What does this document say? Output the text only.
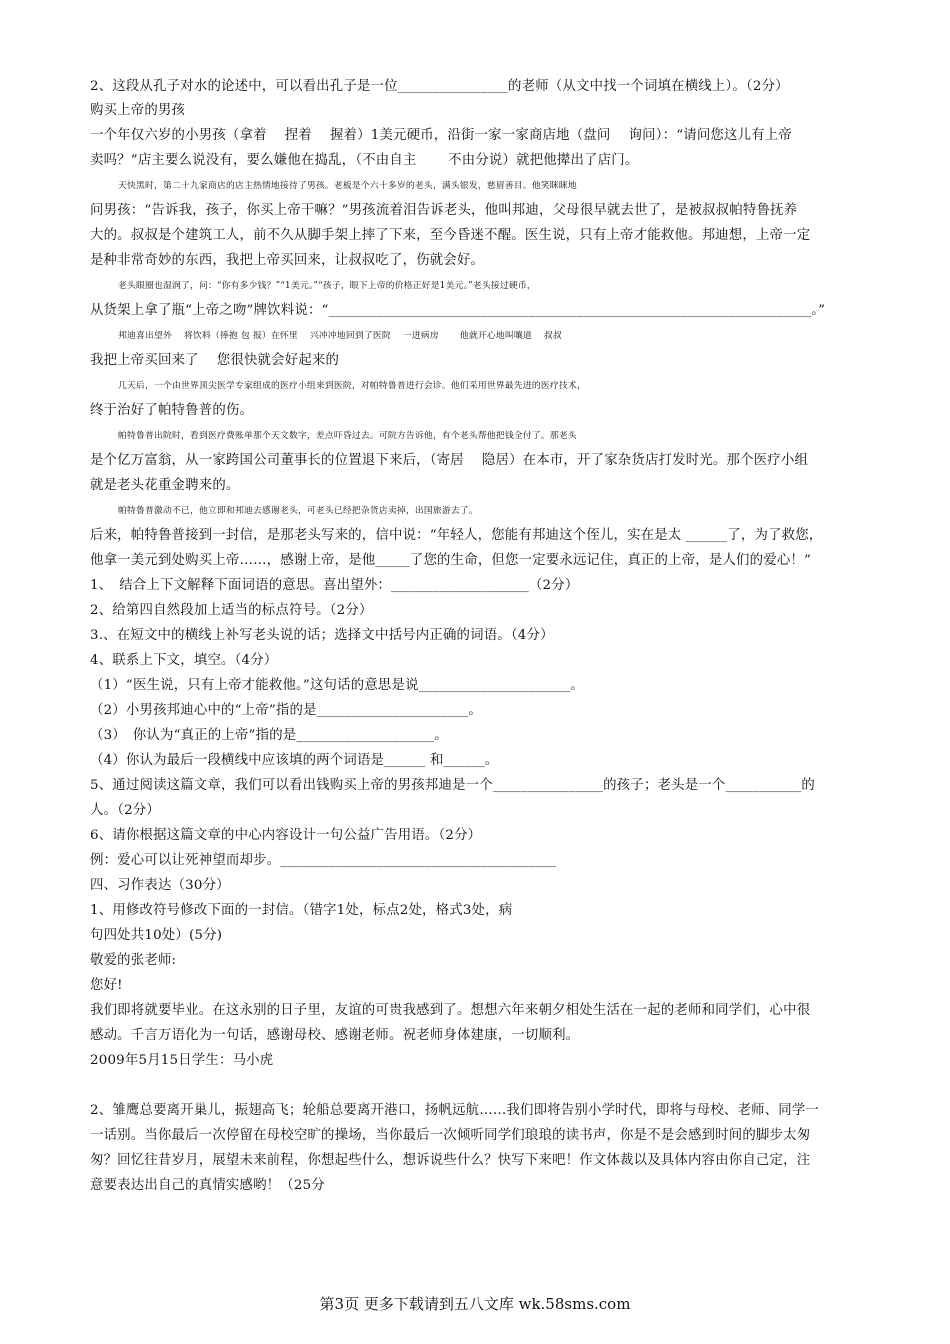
2、这段从孔子对水的论述中，可以看出孔子是一位________________的老师（从文中找一个词填在横线上）。（2分）
购买上帝的男孩
一个年仅六岁的小男孩（拿着　 捏着　 握着）1美元硬币，沿街一家一家商店地（盘问　 询问）：“请问您这儿有上帝
卖吗？”店主要么说没有，要么嫌他在捣乱，（不由自主　　 不由分说）就把他撵出了店门。
天快黑时，第二十九家商店的店主热情地接待了男孩。老板是个六十多岁的老头，满头银发，慈眉善目。他笑眯眯地
问男孩：“告诉我，孩子，你买上帝干嘛？”男孩流着泪告诉老头，他叫邦迪，父母很早就去世了，是被叔叔帕特鲁抚养
大的。叔叔是个建筑工人，前不久从脚手架上摔了下来，至今昏迷不醒。医生说，只有上帝才能救他。邦迪想，上帝一定
是种非常奇妙的东西，我把上帝买回来，让叔叔吃了，伤就会好。
老头眼圈也湿润了，问：“你有多少钱？”“1美元。”“孩子，眼下上帝的价格正好是1美元。”老头接过硬币，
从货架上拿了瓶“上帝之吻”牌饮料说：“______________________________________________________________________。”
邦迪喜出望外　 将饮料（捧抱 包 报）在怀里　 兴冲冲地回到了医院　 一进病房　　 他就开心地叫嚷道　 叔叔
我把上帝买回来了　 您很快就会好起来的
几天后，一个由世界顶尖医学专家组成的医疗小组来到医院，对帕特鲁普进行会诊。他们采用世界最先进的医疗技术，
终于治好了帕特鲁普的伤。
帕特鲁普出院时，看到医疗费账单那个天文数字，差点吓昏过去。可院方告诉他，有个老头帮他把钱全付了。那老头
是个亿万富翁，从一家跨国公司董事长的位置退下来后，（寄居　 隐居）在本市，开了家杂货店打发时光。那个医疗小组
就是老头花重金聘来的。
帕特鲁普激动不已，他立即和邦迪去感谢老头，可老头已经把杂货店卖掉，出国旅游去了。
后来，帕特鲁普接到一封信，是那老头写来的，信中说：“年轻人，您能有邦迪这个侄儿，实在是太 ______了，为了救您，
他拿一美元到处购买上帝……，感谢上帝，是他_____了您的生命，但您一定要永远记住，真正的上帝，是人们的爱心！”
1、　结合上下文解释下面词语的意思。喜出望外：____________________（2分）
2、给第四自然段加上适当的标点符号。（2分）
3.、在短文中的横线上补写老头说的话；选择文中括号内正确的词语。（4分）
4、联系上下文，填空。（4分）
（1）“医生说，只有上帝才能救他。”这句话的意思是说______________________。
（2）小男孩邦迪心中的“上帝”指的是______________________。
（3）　你认为“真正的上帝”指的是____________________。
（4）你认为最后一段横线中应该填的两个词语是______ 和______。
5、通过阅读这篇文章，我们可以看出钱购买上帝的男孩邦迪是一个________________的孩子；老头是一个___________的
人。（2分）
6、请你根据这篇文章的中心内容设计一句公益广告用语。（2分）
例：爱心可以让死神望而却步。________________________________________
四、习作表达（30分）
1、用修改符号修改下面的一封信。（错字1处，标点2处，格式3处，病
句四处共10处）(5分)
敬爱的张老师:
您好!
我们即将就要毕业。在这永别的日子里，友谊的可贵我感到了。想想六年来朝夕相处生活在一起的老师和同学们，心中很
感动。千言万语化为一句话，感谢母校、感谢老师。祝老师身体建康，一切顺利。
2009年5月15日学生：马小虎
2、雏鹰总要离开巢儿，振翅高飞；轮船总要离开港口，扬帆远航……我们即将告别小学时代，即将与母校、老师、同学一
一话别。当你最后一次停留在母校空旷的操场，当你最后一次倾听同学们琅琅的读书声，你是不是会感到时间的脚步太匆
匆？回忆往昔岁月，展望未来前程，你想起些什么，想诉说些什么？快写下来吧！作文体裁以及具体内容由你自己定，注
意要表达出自己的真情实感哟！（25分
第3页 更多下载请到五八文库 wk.58sms.com
